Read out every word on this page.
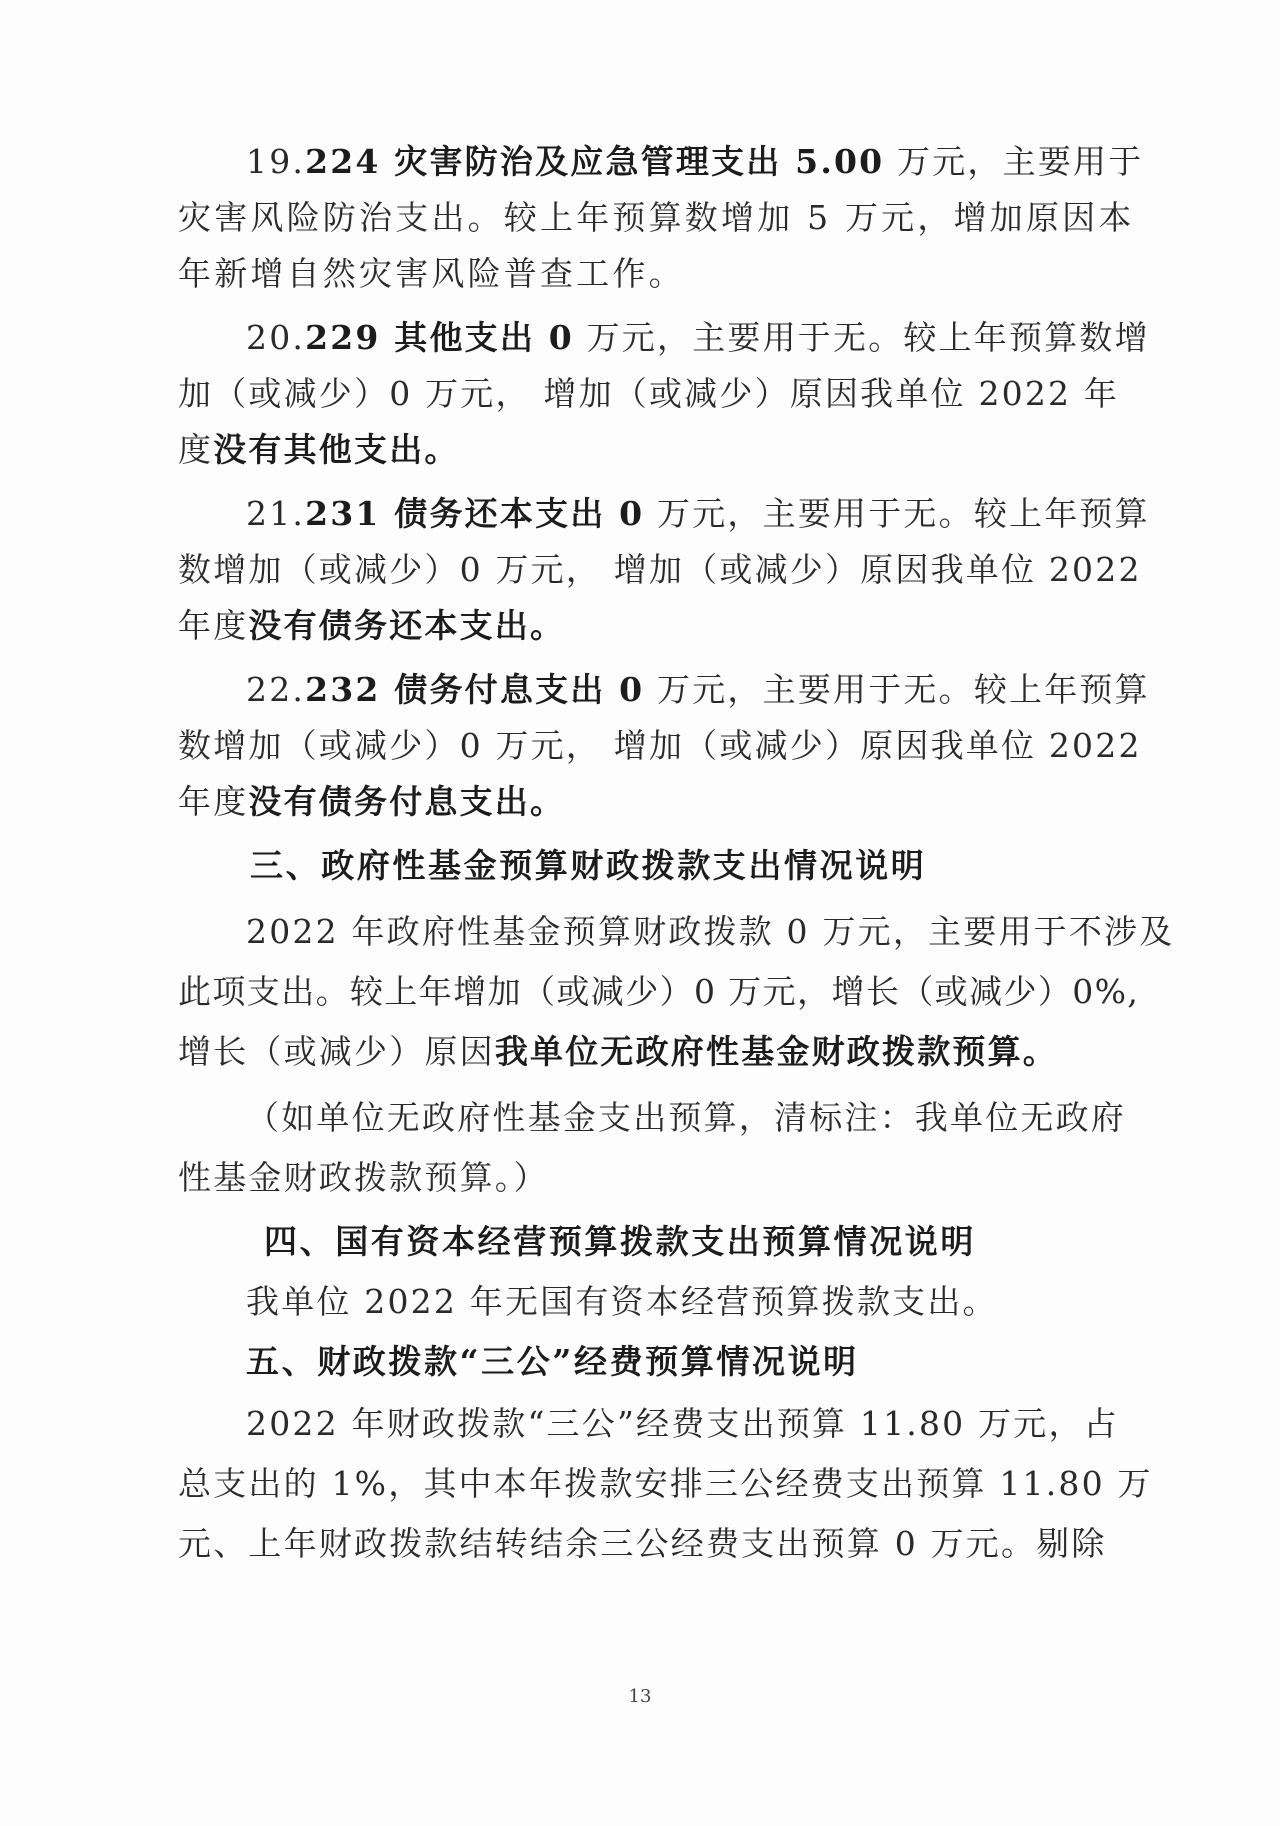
19.224 灾害防治及应急管理支出 5.00 万元，主要用于
灾害风险防治支出。较上年预算数增加 5 万元，增加原因本
年新增自然灾害风险普查工作。
20.229 其他支出 0 万元，主要用于无。较上年预算数增
加（或减少）0 万元， 增加（或减少）原因我单位 2022 年
度没有其他支出。
21.231 债务还本支出 0 万元，主要用于无。较上年预算
数增加（或减少）0 万元， 增加（或减少）原因我单位 2022
年度没有债务还本支出。
22.232 债务付息支出 0 万元，主要用于无。较上年预算
数增加（或减少）0 万元， 增加（或减少）原因我单位 2022
年度没有债务付息支出。
三、政府性基金预算财政拨款支出情况说明
2022 年政府性基金预算财政拨款 0 万元，主要用于不涉及
此项支出。较上年增加（或减少）0 万元，增长（或减少）0%,
增长（或减少）原因我单位无政府性基金财政拨款预算。
（如单位无政府性基金支出预算，清标注：我单位无政府
性基金财政拨款预算。）
四、国有资本经营预算拨款支出预算情况说明
我单位 2022 年无国有资本经营预算拨款支出。
五、财政拨款“三公”经费预算情况说明
2022 年财政拨款“三公”经费支出预算 11.80 万元，占
总支出的 1%，其中本年拨款安排三公经费支出预算 11.80 万
元、上年财政拨款结转结余三公经费支出预算 0 万元。剔除
13
